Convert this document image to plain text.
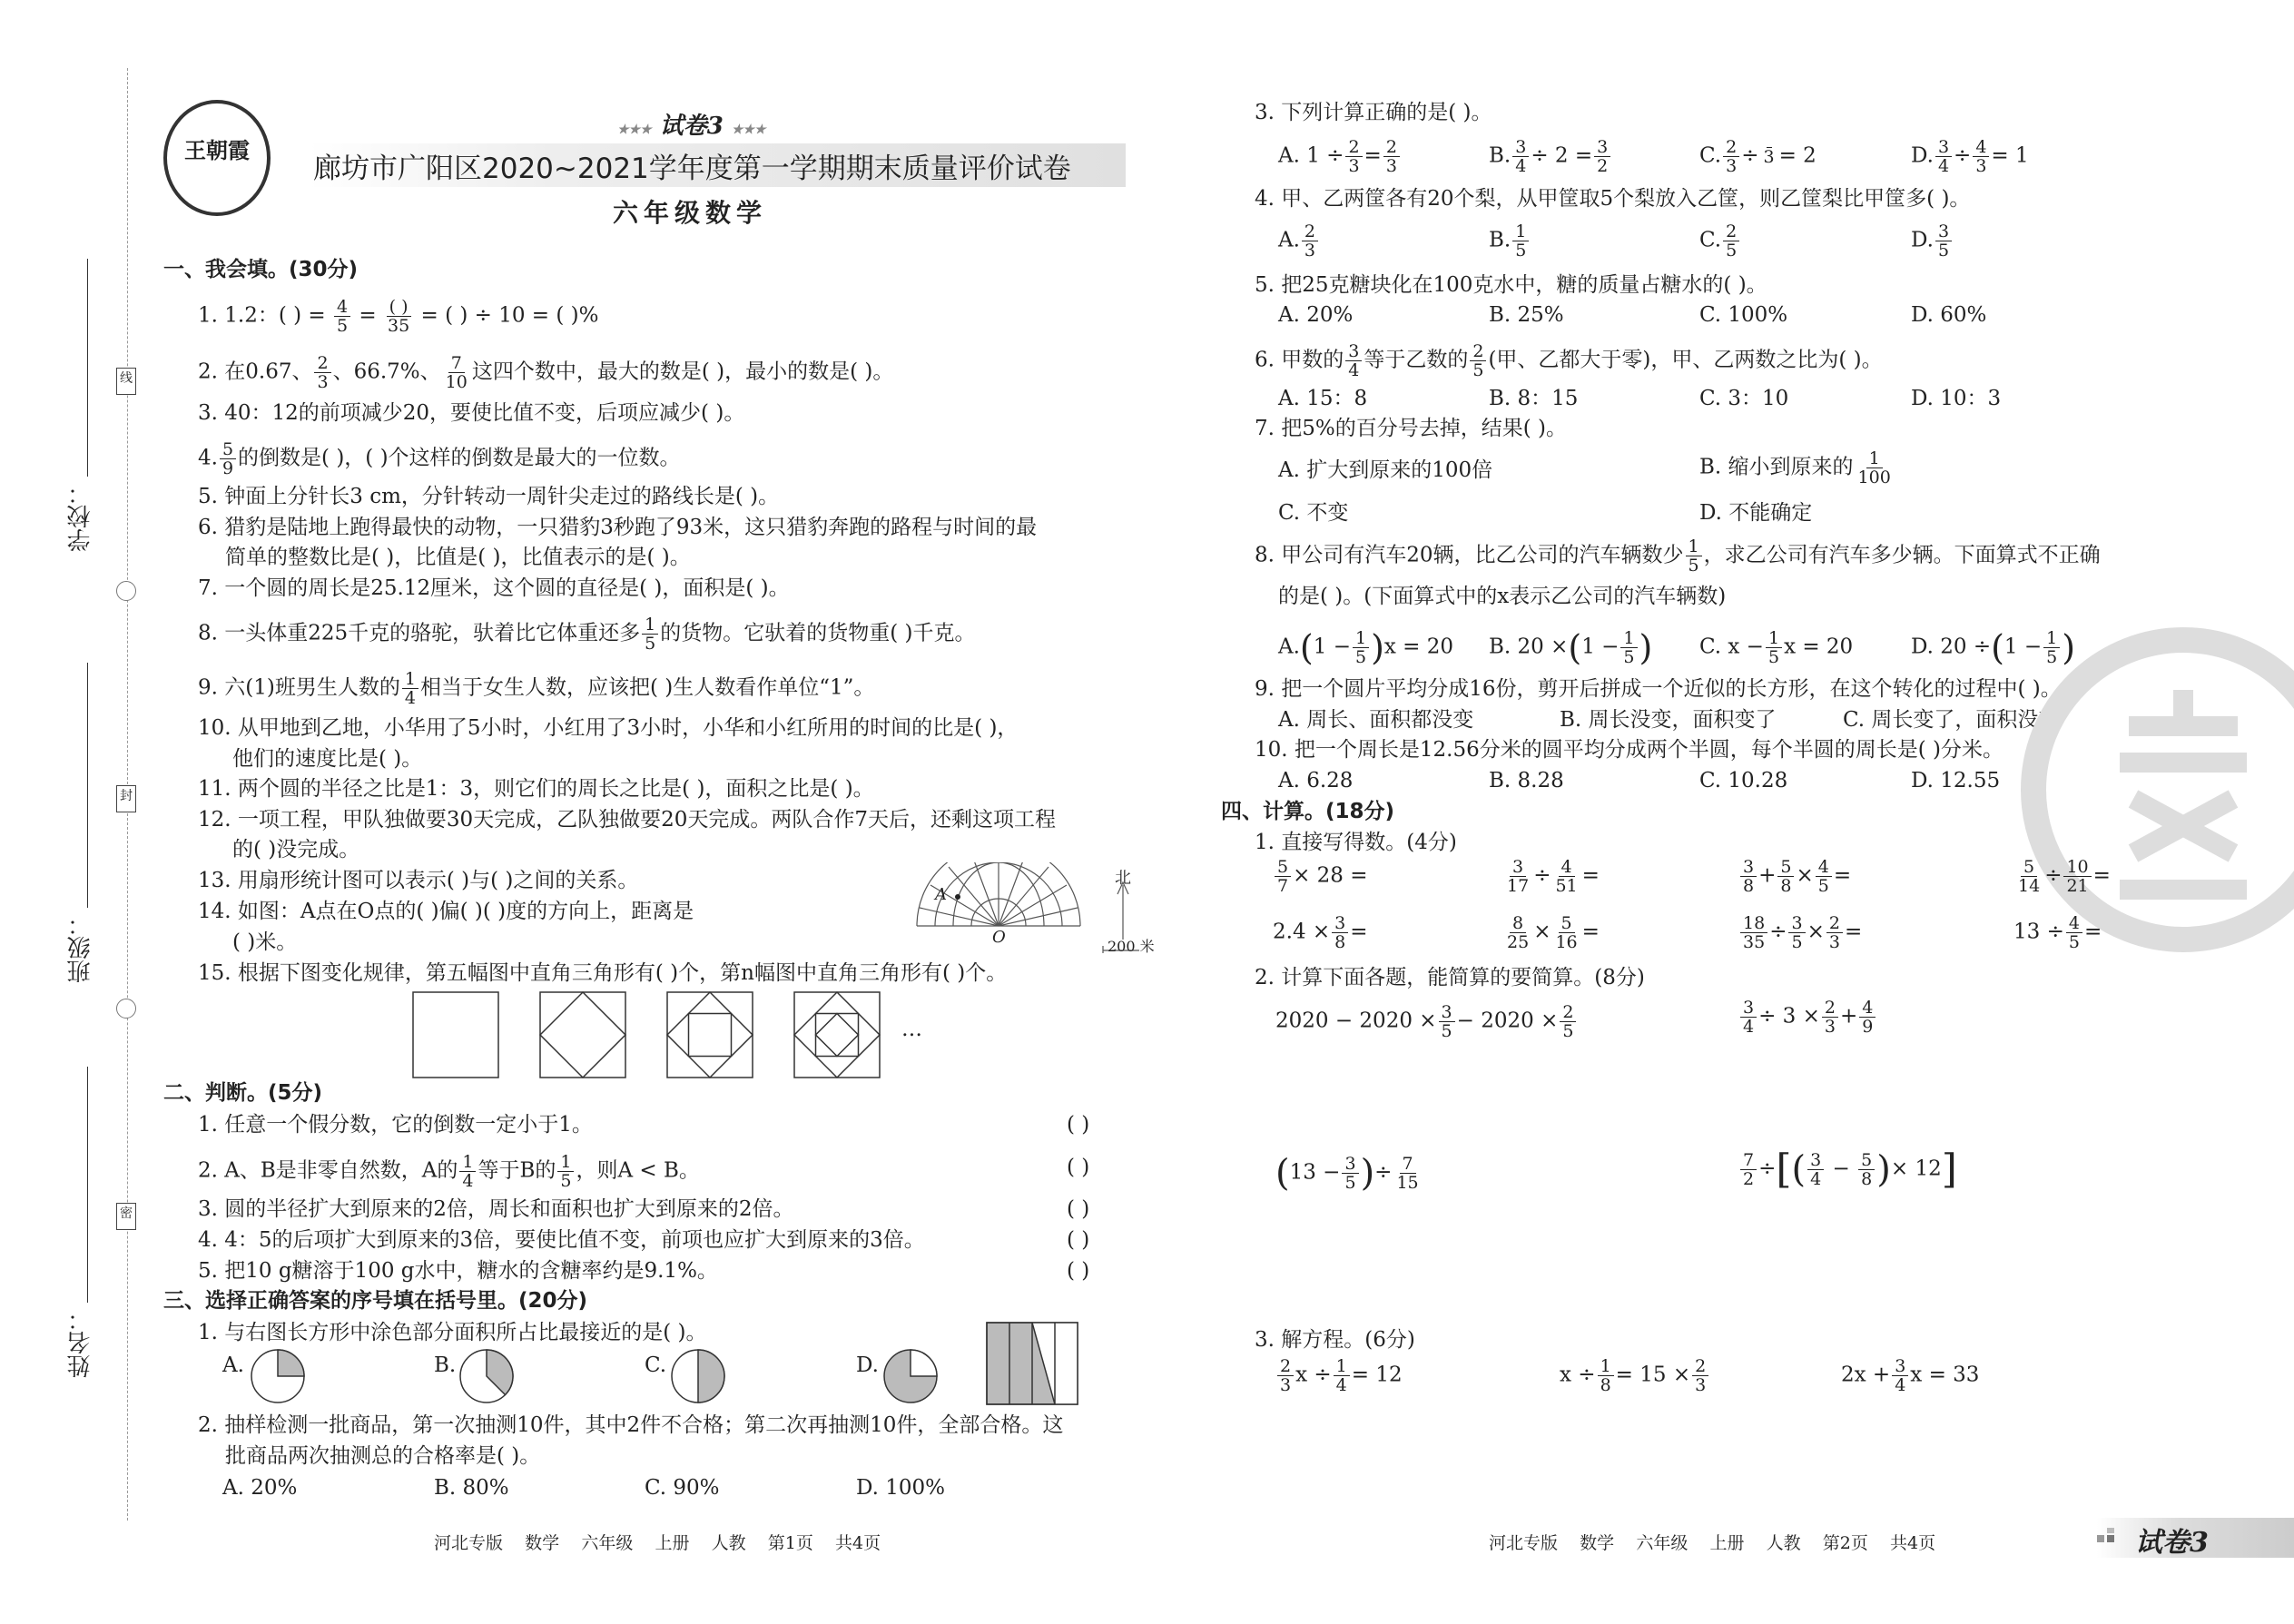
学校：
班级：
姓名：
线
封
密
王朝霞
★★★ 试卷3 ★★★
廊坊市广阳区2020~2021学年度第一学期期末质量评价试卷
六年级数学
一、我会填。(30分)
1. 1.2：( ) = $\frac{4}{5} = \frac{( )}{35}$ = ( ) ÷ 10 = ( )%
2. 在0.67、 $\frac{2}{3}$ 、66.7%、 $\frac{7}{10}$ 这四个数中，最大的数是( )，最小的数是( )。
3. 40：12的前项减少20，要使比值不变，后项应减少( )。
4. $\frac{5}{9}$ 的倒数是( )，( )个这样的倒数是最大的一位数。
5. 钟面上分针长3 cm，分针转动一周针尖走过的路线长是( )。
6. 猎豹是陆地上跑得最快的动物，一只猎豹3秒跑了93米，这只猎豹奔跑的路程与时间的最
简单的整数比是( )，比值是( )，比值表示的是( )。
7. 一个圆的周长是25.12厘米，这个圆的直径是( )，面积是( )。
8. 一头体重225千克的骆驼，驮着比它体重还多 $\frac{1}{5}$ 的货物。它驮着的货物重( )千克。
9. 六(1)班男生人数的 $\frac{1}{4}$ 相当于女生人数，应该把( )生人数看作单位“1”。
10. 从甲地到乙地，小华用了5小时，小红用了3小时，小华和小红所用的时间的比是( )，
他们的速度比是( )。
11. 两个圆的半径之比是1：3，则它们的周长之比是( )，面积之比是( )。
12. 一项工程，甲队独做要30天完成，乙队独做要20天完成。两队合作7天后，还剩这项工程
的( )没完成。
13. 用扇形统计图可以表示( )与( )之间的关系。
14. 如图：A点在O点的( )偏( )( )度的方向上，距离是
( )米。
A
O
北
200 米
15. 根据下图变化规律，第五幅图中直角三角形有( )个，第n幅图中直角三角形有( )个。
…
二、判断。(5分)
1. 任意一个假分数，它的倒数一定小于1。	( )
2. A、B是非零自然数，A的 $\frac{1}{4}$ 等于B的 $\frac{1}{5}$ ，则A < B。	( )
3. 圆的半径扩大到原来的2倍，周长和面积也扩大到原来的2倍。	( )
4. 4：5的后项扩大到原来的3倍，要使比值不变，前项也应扩大到原来的3倍。	( )
5. 把10 g糖溶于100 g水中，糖水的含糖率约是9.1%。	( )
三、选择正确答案的序号填在括号里。(20分)
1. 与右图长方形中涂色部分面积所占比最接近的是( )。
A.	B.	C.	D.
2. 抽样检测一批商品，第一次抽测10件，其中2件不合格；第二次再抽测10件，全部合格。这
批商品两次抽测总的合格率是( )。
A. 20%	B. 80%	C. 90%	D. 100%
河北专版    数学    六年级    上册    人教    第1页    共4页
3. 下列计算正确的是( )。
A. $1 \div \frac{2}{3} = \frac{2}{3}$	B. $\frac{3}{4} \div 2 = \frac{3}{2}$	C. $\frac{2}{3} \div 3 = 2$	D. $\frac{3}{4} \div \frac{4}{3} = 1$
4. 甲、乙两筐各有20个梨，从甲筐取5个梨放入乙筐，则乙筐梨比甲筐多( )。
A. $\frac{2}{3}$	B. $\frac{1}{5}$	C. $\frac{2}{5}$	D. $\frac{3}{5}$
5. 把25克糖块化在100克水中，糖的质量占糖水的( )。
A. 20%	B. 25%	C. 100%	D. 60%
6. 甲数的 $\frac{3}{4}$ 等于乙数的 $\frac{2}{5}$ (甲、乙都大于零)，甲、乙两数之比为( )。
A. 15：8	B. 8：15	C. 3：10	D. 10：3
7. 把5%的百分号去掉，结果( )。
A. 扩大到原来的100倍	B. 缩小到原来的 $\frac{1}{100}$
C. 不变	D. 不能确定
8. 甲公司有汽车20辆，比乙公司的汽车辆数少 $\frac{1}{5}$ ，求乙公司有汽车多少辆。下面算式不正确
的是( )。(下面算式中的x表示乙公司的汽车辆数)
$A.(1 - \frac{1}{5} )x = 20$ B. $20 \times(1 - \frac{1}{5}$ ) C. $x - \frac{1}{5}$ x = 20	D. $20 \div(1 - \frac{1}{5}$ )
9. 把一个圆片平均分成16份，剪开后拼成一个近似的长方形，在这个转化的过程中( )。
A. 周长、面积都没变	B. 周长没变，面积变了	C. 周长变了，面积没变
10. 把一个周长是12.56分米的圆平均分成两个半圆，每个半圆的周长是( )分米。
A. 6.28	B. 8.28	C. 10.28	D. 12.55
四、计算。(18分)
1. 直接写得数。(4分)
$\frac{5}{7} \times 28$ =	$\frac{3}{17} \div \frac{4}{51}$ =	$\frac{3}{8} + \frac{5}{8} \times \frac{4}{5}$ =	$\frac{5}{14} \div \frac{10}{21}$ =
$2.4 \times \frac{3}{8}$ =	$\frac{8}{25} \times \frac{5}{16}$ =	$\frac{18}{35} \div \frac{3}{5} \times \frac{2}{3}$ =	$13 \div \frac{4}{5}$ =
2. 计算下面各题，能简算的要简算。(8分)
$2020 - 2020 \times \frac{3}{5} - 2020 \times \frac{2}{5}$	$\frac{3}{4} \div 3 \times \frac{2}{3} + \frac{4}{9}$
($13 - \frac{3}{5}$ )÷ $\frac{7}{15}$	$\frac{7}{2}$ ÷[( $\frac{3}{4} - \frac{5}{8}$ )× 12]
3. 解方程。(6分)
$\frac{2}{3}$ $x \div \frac{1}{4} = 12$	$x \div \frac{1}{8} = 15 \times \frac{2}{3}$	$2x + \frac{3}{4}$ x = 33
河北专版    数学    六年级    上册    人教    第2页    共4页	试卷3
